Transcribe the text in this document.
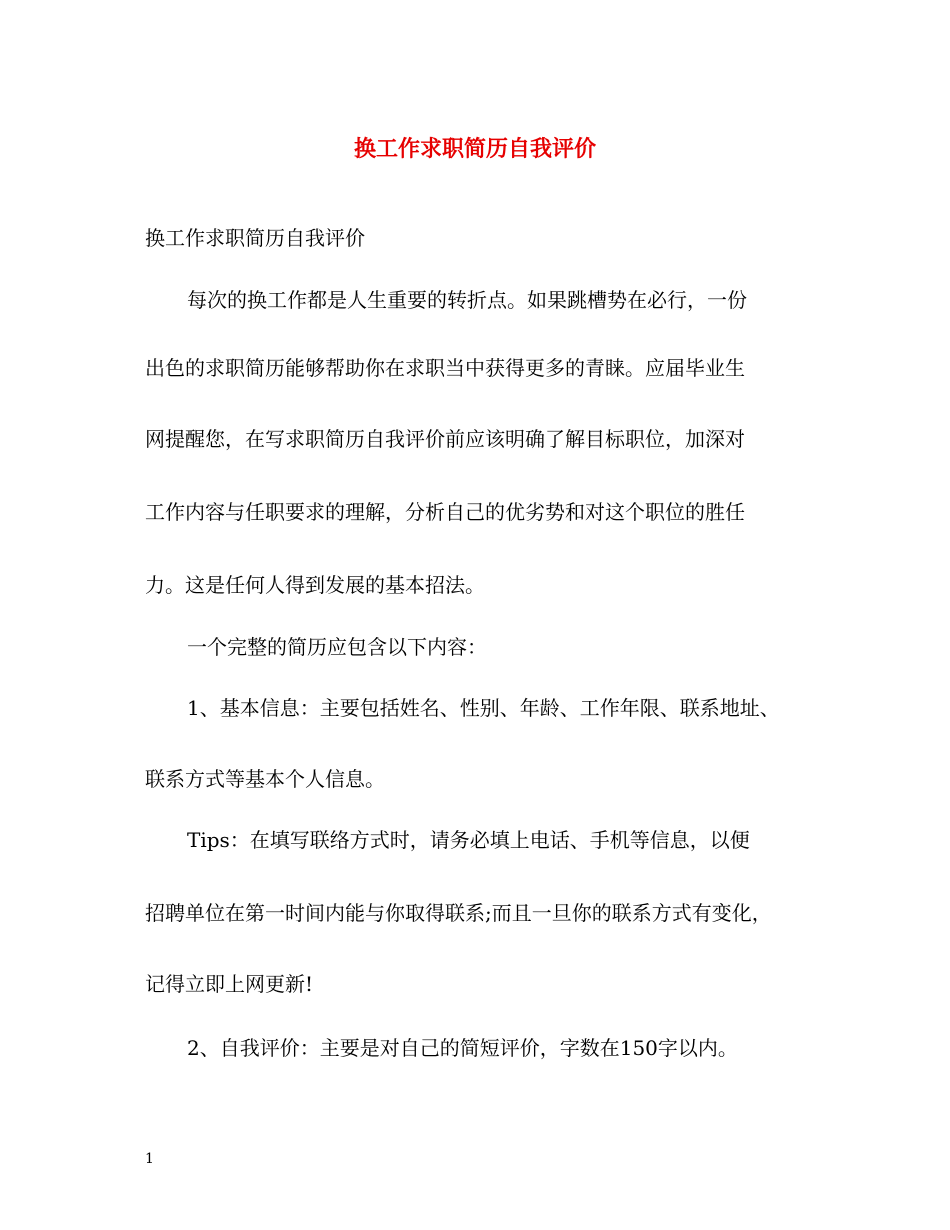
换工作求职简历自我评价

换工作求职简历自我评价

每次的换工作都是人生重要的转折点。如果跳槽势在必行，一份

出色的求职简历能够帮助你在求职当中获得更多的青睐。应届毕业生

网提醒您，在写求职简历自我评价前应该明确了解目标职位，加深对

工作内容与任职要求的理解，分析自己的优劣势和对这个职位的胜任

力。这是任何人得到发展的基本招法。

一个完整的简历应包含以下内容：

1、基本信息：主要包括姓名、性别、年龄、工作年限、联系地址、

联系方式等基本个人信息。

Tips：在填写联络方式时，请务必填上电话、手机等信息，以便

招聘单位在第一时间内能与你取得联系;而且一旦你的联系方式有变化，

记得立即上网更新!

2、自我评价：主要是对自己的简短评价，字数在150字以内。

1
